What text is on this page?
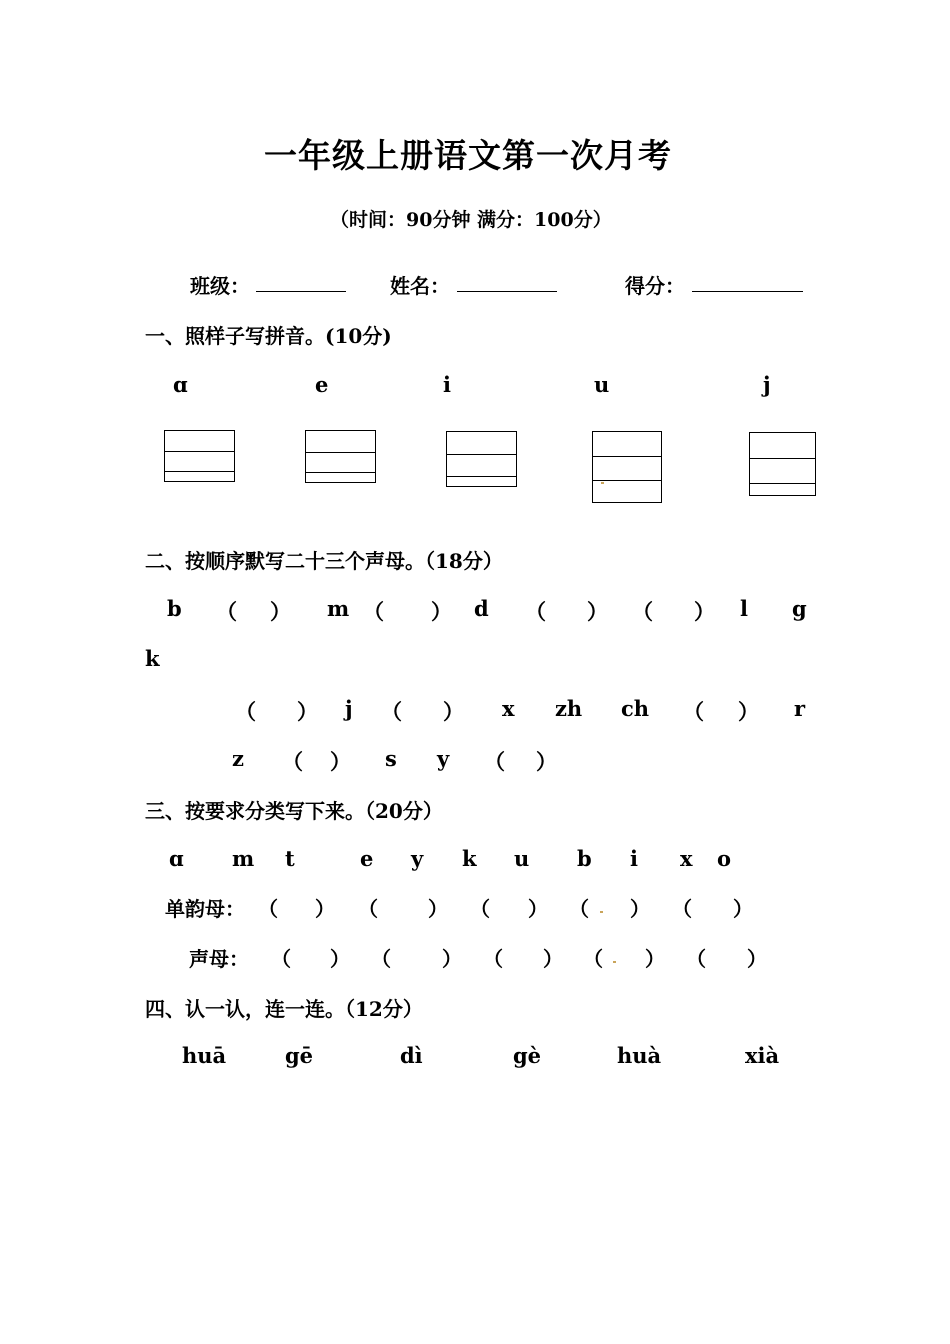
一年级上册语文第一次月考
（时间：90分钟 满分：100分）
班级：	姓名：	得分：
一、照样子写拼音。(10分)
ɑ	e	i	u	j
二、按顺序默写二十三个声母。（18分）
b （ ） m （ ） d （ ） （ ） l g
k
（ ） j （ ） x zh ch （ ） r
z （ ） s y （ ）
三、按要求分类写下来。（20分）
ɑ m t	e y k u b i x o
单韵母： （ ） （	） （ ） （ ） （ ）
声母： （ ） （	） （ ） （ ） （ ）
四、认一认，连一连。（12分）
huā	gē	dì	gè	huà	xià
